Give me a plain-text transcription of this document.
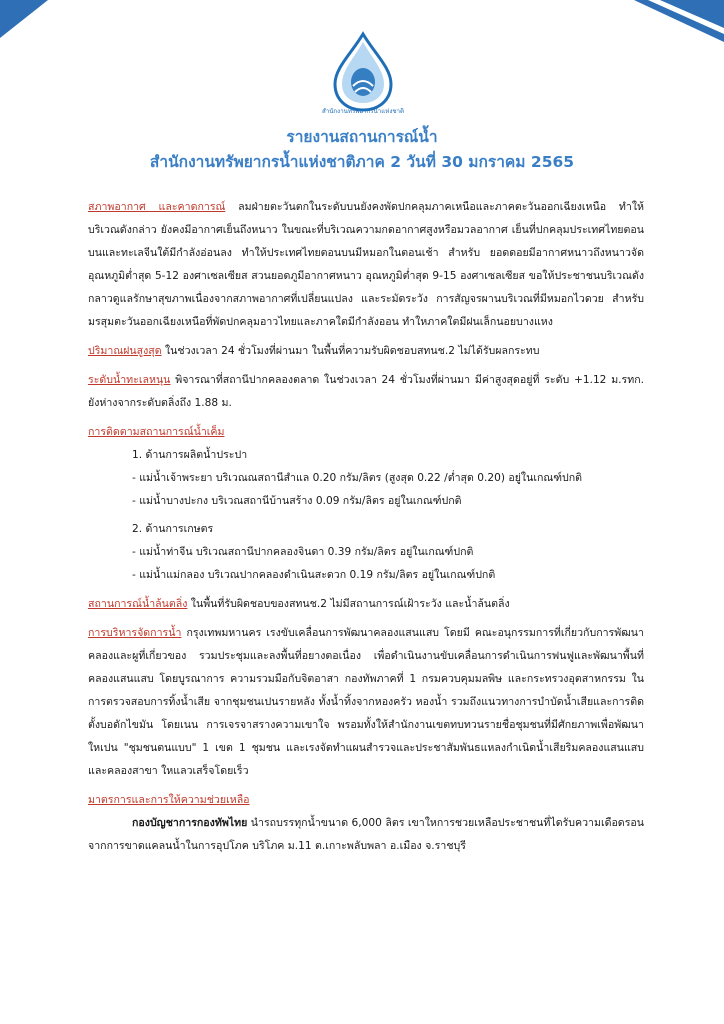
สำนักงานทรัพยากรน้ำแห่งชาติ
รายงานสถานการณ์น้ำ
สำนักงานทรัพยากรน้ำแห่งชาติภาค 2 วันที่ 30 มกราคม 2565

สภาพอากาศ และคาดการณ์ ลมฝ่ายตะวันตกในระดับบนยังคงพัดปกคลุมภาคเหนือและภาคตะวันออกเฉียงเหนือ ทำให้บริเวณดังกล่าว ยังคงมีอากาศเย็นถึงหนาว ในขณะที่บริเวณความกดอากาศสูงหรือมวลอากาศ เย็นที่ปกคลุมประเทศไทยตอนบนและทะเลจีนใต้มีกำลังอ่อนลง ทำให้ประเทศไทยตอนบนมีหมอกในตอนเช้า สำหรับ ยอดดอยมีอากาศหนาวถึงหนาวจัด อุณหภูมิต่ำสุด 5-12 องศาเซลเซียส สวนยอดภูมีอากาศหนาว อุณหภูมิต่ำสุด 9-15 องศาเซลเซียส ขอให้ประชาชนบริเวณดังกลาวดูแลรักษาสุขภาพเนื่องจากสภาพอากาศที่เปลี่ยนแปลง และระมัดระวัง การสัญจรผานบริเวณที่มีหมอกไวดวย สำหรับมรสุมตะวันออกเฉียงเหนือที่พัดปกคลุมอาวไทยและภาคใตมีกำลังออน ทำใหภาคใตมีฝนเล็กนอยบางแหง

ปริมาณฝนสูงสุด ในช่วงเวลา 24 ชั่วโมงที่ผ่านมา ในพื้นที่ความรับผิดชอบสทนช.2 ไม่ได้รับผลกระทบ

ระดับน้ำทะเลหนุน พิจารณาที่สถานีปากคลองตลาด ในช่วงเวลา 24 ชั่วโมงที่ผ่านมา มีค่าสูงสุดอยู่ที่ ระดับ +1.12 ม.รทก. ยังห่างจากระดับตลิ่งถึง 1.88 ม.

การติดตามสถานการณ์น้ำเค็ม

1. ด้านการผลิตน้ำประปา

- แม่น้ำเจ้าพระยา บริเวณณสถานีสำแล 0.20 กรัม/ลิตร (สูงสุด 0.22 /ต่ำสุด 0.20) อยู่ในเกณฑ์ปกติ

- แม่น้ำบางปะกง บริเวณสถานีบ้านสร้าง 0.09 กรัม/ลิตร อยู่ในเกณฑ์ปกติ

2. ด้านการเกษตร

- แม่น้ำท่าจีน บริเวณสถานีปากคลองจินดา 0.39 กรัม/ลิตร อยู่ในเกณฑ์ปกติ

- แม่น้ำแม่กลอง บริเวณปากคลองดำเนินสะดวก 0.19 กรัม/ลิตร อยู่ในเกณฑ์ปกติ

สถานการณ์น้ำล้นตลิ่ง ในพื้นที่รับผิดชอบของสทนช.2 ไม่มีสถานการณ์เฝ้าระวัง และน้ำล้นตลิ่ง

การบริหารจัดการน้ำ กรุงเทพมหานคร เรงขับเคลื่อนการพัฒนาคลองแสนแสบ โดยมี คณะอนุกรรมการที่เกี่ยวกับการพัฒนา คลองและผูที่เกี่ยวของ รวมประชุมและลงพื้นที่อยางตอเนื่อง เพื่อดำเนินงานขับเคลื่อนการดำเนินการฟนฟูและพัฒนาพื้นที่ คลองแสนแสบ โดยบูรณาการ ความรวมมือกับจิตอาสา กองทัพภาคที่ 1 กรมควบคุมมลพิษ และกระทรวงอุตสาหกรรม ในการตรวจสอบการทิ้งน้ำเสีย จากชุมชนเปนรายหลัง ทั้งน้ำทิ้งจากหองครัว หองน้ำ รวมถึงแนวทางการบำบัดน้ำเสียและการติดตั้งบอดักไขมัน โดยเนน การเจรจาสรางความเขาใจ พรอมทั้งให้สำนักงานเขตทบทวนรายชื่อชุมชนที่มีศักยภาพเพื่อพัฒนาใหเปน "ชุมชนตนแบบ" 1 เขต 1 ชุมชน และเรงจัดทำแผนสำรวจและประชาสัมพันธแหลงกำเนิดน้ำเสียริมคลองแสนแสบและคลองสาขา ใหแลวเสร็จโดยเร็ว

มาตรการและการให้ความช่วยเหลือ

กองบัญชาการกองทัพไทย นำรถบรรทุกน้ำขนาด 6,000 ลิตร เขาใหการชวยเหลือประชาชนที่ไดรับความเดือดรอนจากการขาดแคลนน้ำในการอุปโภค บริโภค ม.11 ต.เกาะพลับพลา อ.เมือง จ.ราชบุรี
